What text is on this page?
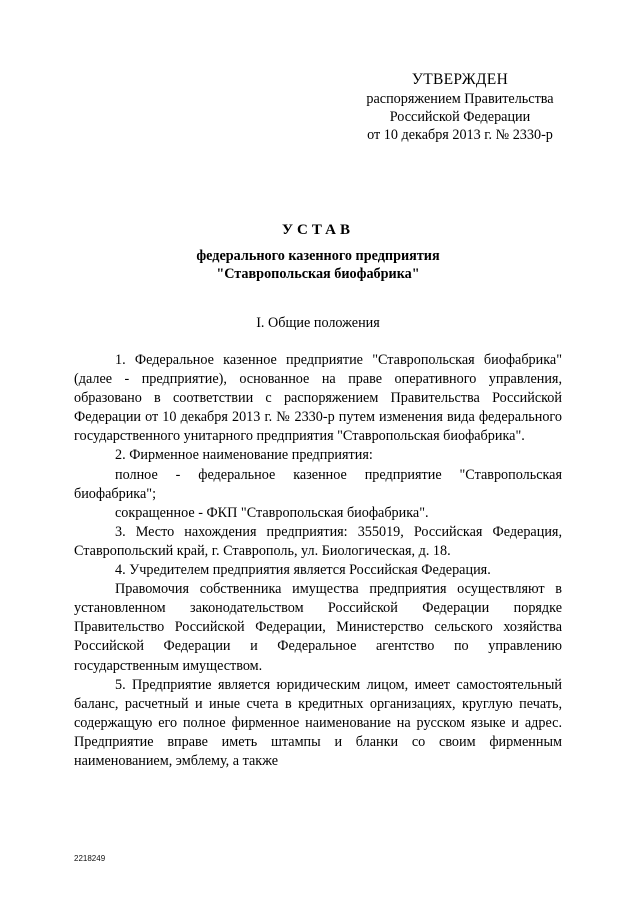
УТВЕРЖДЕН
распоряжением Правительства
Российской Федерации
от 10 декабря 2013 г. № 2330-р
УСТАВ
федерального казенного предприятия
"Ставропольская биофабрика"
I. Общие положения

1. Федеральное казенное предприятие "Ставропольская биофабрика" (далее - предприятие), основанное на праве оперативного управления, образовано в соответствии с распоряжением Правительства Российской Федерации от 10 декабря 2013 г. № 2330-р путем изменения вида федерального государственного унитарного предприятия "Ставропольская биофабрика".

2. Фирменное наименование предприятия:

полное - федеральное казенное предприятие "Ставропольская биофабрика";

сокращенное - ФКП "Ставропольская биофабрика".

3. Место нахождения предприятия: 355019, Российская Федерация, Ставропольский край, г. Ставрополь, ул. Биологическая, д. 18.

4. Учредителем предприятия является Российская Федерация.

Правомочия собственника имущества предприятия осуществляют в установленном законодательством Российской Федерации порядке Правительство Российской Федерации, Министерство сельского хозяйства Российской Федерации и Федеральное агентство по управлению государственным имуществом.

5. Предприятие является юридическим лицом, имеет самостоятельный баланс, расчетный и иные счета в кредитных организациях, круглую печать, содержащую его полное фирменное наименование на русском языке и адрес. Предприятие вправе иметь штампы и бланки со своим фирменным наименованием, эмблему, а также

2218249
